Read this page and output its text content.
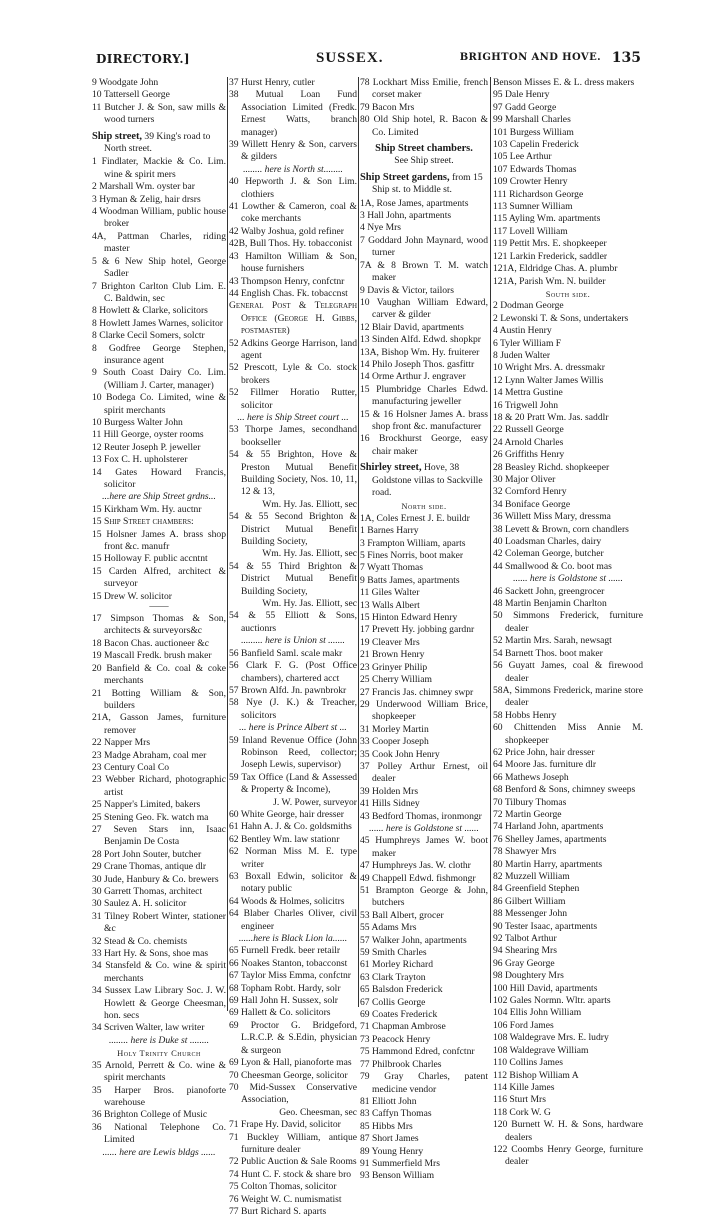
DIRECTORY.]	SUSSEX.	BRIGHTON AND HOVE. 135
9 Woodgate John
10 Tattersell George
11 Butcher J. & Son, saw mills & wood turners
Ship street, 39 King's road to North street.
1 Findlater, Mackie & Co. Lim. wine & spirit mers
2 Marshall Wm. oyster bar
3 Hyman & Zelig, hair drsrs
4 Woodman William, public house broker
4A, Pattman Charles, riding master
5 & 6 New Ship hotel, George Sadler
7 Brighton Carlton Club Lim. E. C. Baldwin, sec
8 Howlett & Clarke, solicitors
8 Howlett James Warnes, solicitor
8 Clarke Cecil Somers, solctr
8 Godfree George Stephen, insurance agent
9 South Coast Dairy Co. Lim. (William J. Carter, manager)
10 Bodega Co. Limited, wine & spirit merchants
10 Burgess Walter John
11 Hill George, oyster rooms
12 Reuter Joseph P. jeweller
13 Fox C. H. upholsterer
14 Gates Howard Francis, solicitor
...here are Ship Street grdns...
15 Kirkham Wm. Hy. auctnr
15 Ship Street chambers:
15 Holsner James A. brass shop front &c. manufr
15 Holloway F. public accntnt
15 Carden Alfred, architect & surveyor
15 Drew W. solicitor
——
17 Simpson Thomas & Son, architects & surveyors&c
18 Bacon Chas. auctioneer &c
19 Mascall Fredk. brush maker
20 Banfield & Co. coal & coke merchants
21 Botting William & Son, builders
21A, Gasson James, furniture remover
22 Napper Mrs
23 Madge Abraham, coal mer
23 Century Coal Co
23 Webber Richard, photographic artist
25 Napper's Limited, bakers
25 Stening Geo. Fk. watch ma
27 Seven Stars inn, Isaac Benjamin De Costa
28 Port John Souter, butcher
29 Crane Thomas, antique dlr
30 Jude, Hanbury & Co. brewers
30 Garrett Thomas, architect
30 Saulez A. H. solicitor
31 Tilney Robert Winter, stationer &c
32 Stead & Co. chemists
33 Hart Hy. & Sons, shoe mas
34 Stansfeld & Co. wine & spirit merchants
34 Sussex Law Library Soc. J. W. Howlett & George Cheesman, hon. secs
34 Scriven Walter, law writer
........ here is Duke st ........
Holy Trinity Church
35 Arnold, Perrett & Co. wine & spirit merchants
35 Harper Bros. pianoforte warehouse
36 Brighton College of Music
36 National Telephone Co. Limited
...... here are Lewis bldgs ......
37 Hurst Henry, cutler
38 Mutual Loan Fund Association Limited (Fredk. Ernest Watts, branch manager)
39 Willett Henry & Son, carvers & gilders
........ here is North st........
40 Hepworth J. & Son Lim. clothiers
41 Lowther & Cameron, coal & coke merchants
42 Walby Joshua, gold refiner
42B, Bull Thos. Hy. tobacconist
43 Hamilton William & Son, house furnishers
43 Thompson Henry, confctnr
44 English Chas. Fk. tobaccnst
General Post & Telegraph Office (George H. Gibbs, postmaster)
52 Adkins George Harrison, land agent
52 Prescott, Lyle & Co. stock brokers
52 Fillmer Horatio Rutter, solicitor
... here is Ship Street court ...
53 Thorpe James, secondhand bookseller
54 & 55 Brighton, Hove & Preston Mutual Benefit Building Society, Nos. 10, 11, 12 & 13,
Wm. Hy. Jas. Elliott, sec
54 & 55 Second Brighton & District Mutual Benefit Building Society,
Wm. Hy. Jas. Elliott, sec
54 & 55 Third Brighton & District Mutual Benefit Building Society,
Wm. Hy. Jas. Elliott, sec
54 & 55 Elliott & Sons, auctionrs
......... here is Union st .......
56 Banfield Saml. scale makr
56 Clark F. G. (Post Office chambers), chartered acct
57 Brown Alfd. Jn. pawnbrokr
58 Nye (J. K.) & Treacher, solicitors
... here is Prince Albert st ...
59 Inland Revenue Office (John Robinson Reed, collector; Joseph Lewis, supervisor)
59 Tax Office (Land & Assessed & Property & Income),
J. W. Power, surveyor
60 White George, hair dresser
61 Hahn A. J. & Co. goldsmiths
62 Bentley Wm. law stationr
62 Norman Miss M. E. type writer
63 Boxall Edwin, solicitor & notary public
64 Woods & Holmes, solicitrs
64 Blaber Charles Oliver, civil engineer
......here is Black Lion la......
65 Furnell Fredk. beer retailr
66 Noakes Stanton, tobacconst
67 Taylor Miss Emma, confctnr
68 Topham Robt. Hardy, solr
69 Hall John H. Sussex, solr
69 Hallett & Co. solicitors
69 Proctor G. Bridgeford, L.R.C.P. & S.Edin, physician & surgeon
69 Lyon & Hall, pianoforte mas
70 Cheesman George, solicitor
70 Mid-Sussex Conservative Association,
Geo. Cheesman, sec
71 Frape Hy. David, solicitor
71 Buckley William, antique furniture dealer
72 Public Auction & Sale Rooms
74 Hunt C. F. stock & share bro
75 Colton Thomas, solicitor
76 Weight W. C. numismatist
77 Burt Richard S. aparts
78 Lockhart Miss Emilie, french corset maker
79 Bacon Mrs
80 Old Ship hotel, R. Bacon & Co. Limited
Ship Street chambers.
See Ship street.
Ship Street gardens, from 15 Ship st. to Middle st.
1A, Rose James, apartments
3 Hall John, apartments
4 Nye Mrs
7 Goddard John Maynard, wood turner
7A & 8 Brown T. M. watch maker
9 Davis & Victor, tailors
10 Vaughan William Edward, carver & gilder
12 Blair David, apartments
13 Sinden Alfd. Edwd. shopkpr
13A, Bishop Wm. Hy. fruiterer
14 Philo Joseph Thos. gasfittr
14 Orme Arthur J. engraver
15 Plumbridge Charles Edwd. manufacturing jeweller
15 & 16 Holsner James A. brass shop front &c. manufacturer
16 Brockhurst George, easy chair maker
Shirley street, Hove, 38 Goldstone villas to Sackville road.
North side.
1A, Coles Ernest J. E. buildr
1 Barnes Harry
3 Frampton William, aparts
5 Fines Norris, boot maker
7 Wyatt Thomas
9 Batts James, apartments
11 Giles Walter
13 Walls Albert
15 Hinton Edward Henry
17 Prevett Hy. jobbing gardnr
19 Cleaver Mrs
21 Brown Henry
23 Grinyer Philip
25 Cherry William
27 Francis Jas. chimney swpr
29 Underwood William Brice, shopkeeper
31 Morley Martin
33 Cooper Joseph
35 Cook John Henry
37 Polley Arthur Ernest, oil dealer
39 Holden Mrs
41 Hills Sidney
43 Bedford Thomas, ironmongr
...... here is Goldstone st ......
45 Humphreys James W. boot maker
47 Humphreys Jas. W. clothr
49 Chappell Edwd. fishmongr
51 Brampton George & John, butchers
53 Ball Albert, grocer
55 Adams Mrs
57 Walker John, apartments
59 Smith Charles
61 Morley Richard
63 Clark Trayton
65 Balsdon Frederick
67 Collis George
69 Coates Frederick
71 Chapman Ambrose
73 Peacock Henry
75 Hammond Edred, confctnr
77 Philbrook Charles
79 Gray Charles, patent medicine vendor
81 Elliott John
83 Caffyn Thomas
85 Hibbs Mrs
87 Short James
89 Young Henry
91 Summerfield Mrs
93 Benson William
Benson Misses E. & L. dress makers
95 Dale Henry
97 Gadd George
99 Marshall Charles
101 Burgess William
103 Capelin Frederick
105 Lee Arthur
107 Edwards Thomas
109 Crowter Henry
111 Richardson George
113 Sumner William
115 Ayling Wm. apartments
117 Lovell William
119 Pettit Mrs. E. shopkeeper
121 Larkin Frederick, saddler
121A, Eldridge Chas. A. plumbr
121A, Parish Wm. N. builder
South side.
2 Dodman George
2 Lewonski T. & Sons, undertakers
4 Austin Henry
6 Tyler William F
8 Juden Walter
10 Wright Mrs. A. dressmakr
12 Lynn Walter James Willis
14 Mettra Gustine
16 Trigwell John
18 & 20 Pratt Wm. Jas. saddlr
22 Russell George
24 Arnold Charles
26 Griffiths Henry
28 Beasley Richd. shopkeeper
30 Major Oliver
32 Cornford Henry
34 Boniface George
36 Willett Miss Mary, dressma
38 Levett & Brown, corn chandlers
40 Loadsman Charles, dairy
42 Coleman George, butcher
44 Smallwood & Co. boot mas
...... here is Goldstone st ......
46 Sackett John, greengrocer
48 Martin Benjamin Charlton
50 Simmons Frederick, furniture dealer
52 Martin Mrs. Sarah, newsagt
54 Barnett Thos. boot maker
56 Guyatt James, coal & firewood dealer
58A, Simmons Frederick, marine store dealer
58 Hobbs Henry
60 Chittenden Miss Annie M. shopkeeper
62 Price John, hair dresser
64 Moore Jas. furniture dlr
66 Mathews Joseph
68 Benford & Sons, chimney sweeps
70 Tilbury Thomas
72 Martin George
74 Harland John, apartments
76 Shelley James, apartments
78 Shawyer Mrs
80 Martin Harry, apartments
82 Muzzell William
84 Greenfield Stephen
86 Gilbert William
88 Messenger John
90 Tester Isaac, apartments
92 Talbot Arthur
94 Shearing Mrs
96 Gray George
98 Doughtery Mrs
100 Hill David, apartments
102 Gales Normn. Wltr. aparts
104 Ellis John William
106 Ford James
108 Waldegrave Mrs. E. ludry
108 Waldegrave William
110 Collins James
112 Bishop William A
114 Kille James
116 Sturt Mrs
118 Cork W. G
120 Burnett W. H. & Sons, hardware dealers
122 Coombs Henry George, furniture dealer
